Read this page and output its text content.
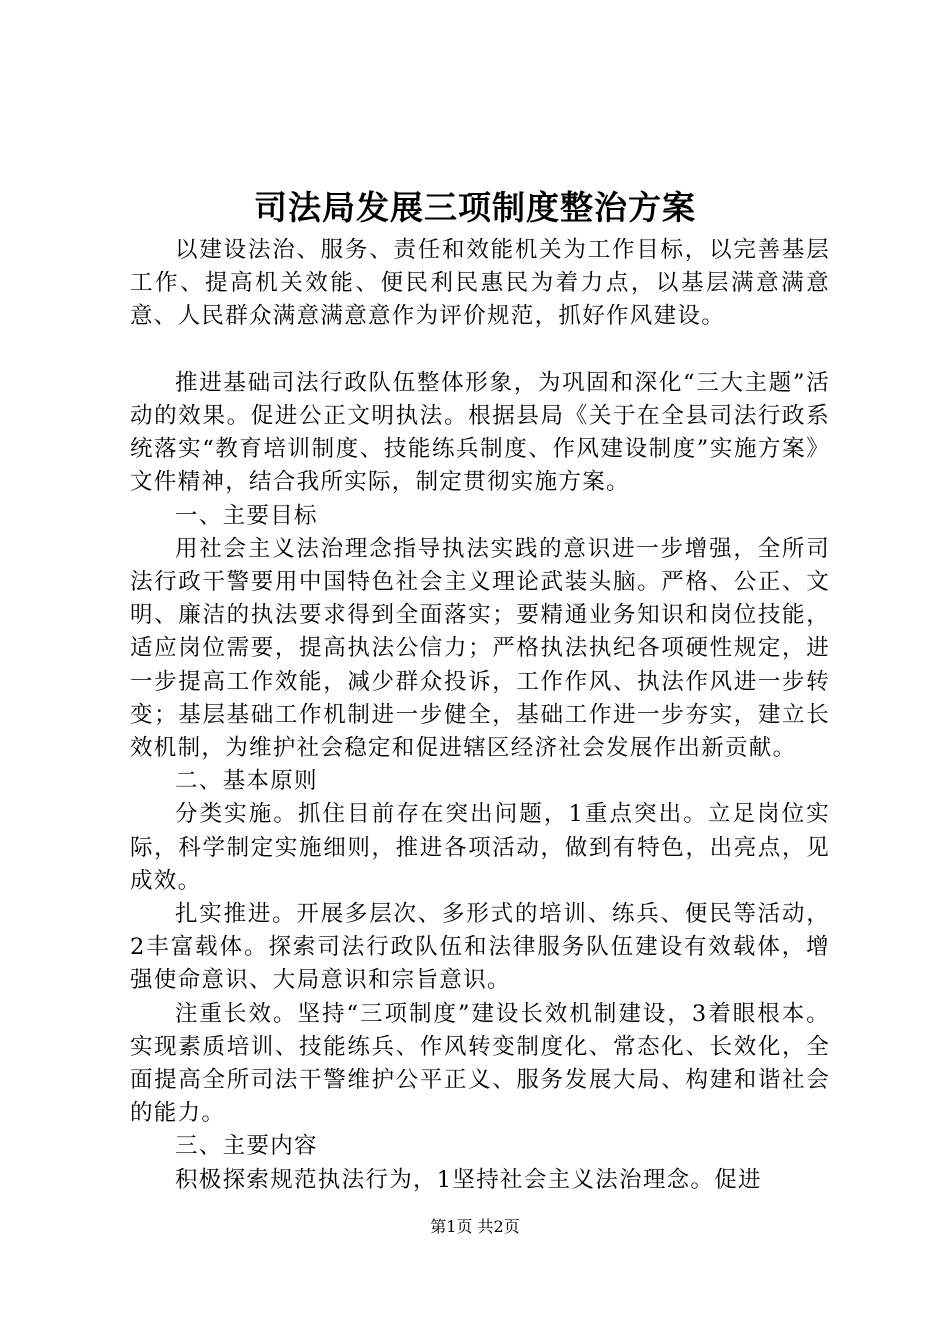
司法局发展三项制度整治方案

以建设法治、服务、责任和效能机关为工作目标，以完善基层工作、提高机关效能、便民利民惠民为着力点，以基层满意满意意、人民群众满意满意意作为评价规范，抓好作风建设。

推进基础司法行政队伍整体形象，为巩固和深化“三大主题”活动的效果。促进公正文明执法。根据县局《关于在全县司法行政系统落实“教育培训制度、技能练兵制度、作风建设制度”实施方案》文件精神，结合我所实际，制定贯彻实施方案。

一、主要目标

用社会主义法治理念指导执法实践的意识进一步增强，全所司法行政干警要用中国特色社会主义理论武装头脑。严格、公正、文明、廉洁的执法要求得到全面落实；要精通业务知识和岗位技能，适应岗位需要，提高执法公信力；严格执法执纪各项硬性规定，进一步提高工作效能，减少群众投诉，工作作风、执法作风进一步转变；基层基础工作机制进一步健全，基础工作进一步夯实，建立长效机制，为维护社会稳定和促进辖区经济社会发展作出新贡献。

二、基本原则

分类实施。抓住目前存在突出问题，1重点突出。立足岗位实际，科学制定实施细则，推进各项活动，做到有特色，出亮点，见成效。

扎实推进。开展多层次、多形式的培训、练兵、便民等活动，2丰富载体。探索司法行政队伍和法律服务队伍建设有效载体，增强使命意识、大局意识和宗旨意识。

注重长效。坚持“三项制度”建设长效机制建设，3着眼根本。实现素质培训、技能练兵、作风转变制度化、常态化、长效化，全面提高全所司法干警维护公平正义、服务发展大局、构建和谐社会的能力。

三、主要内容

积极探索规范执法行为，1坚持社会主义法治理念。促进

第1页 共2页
